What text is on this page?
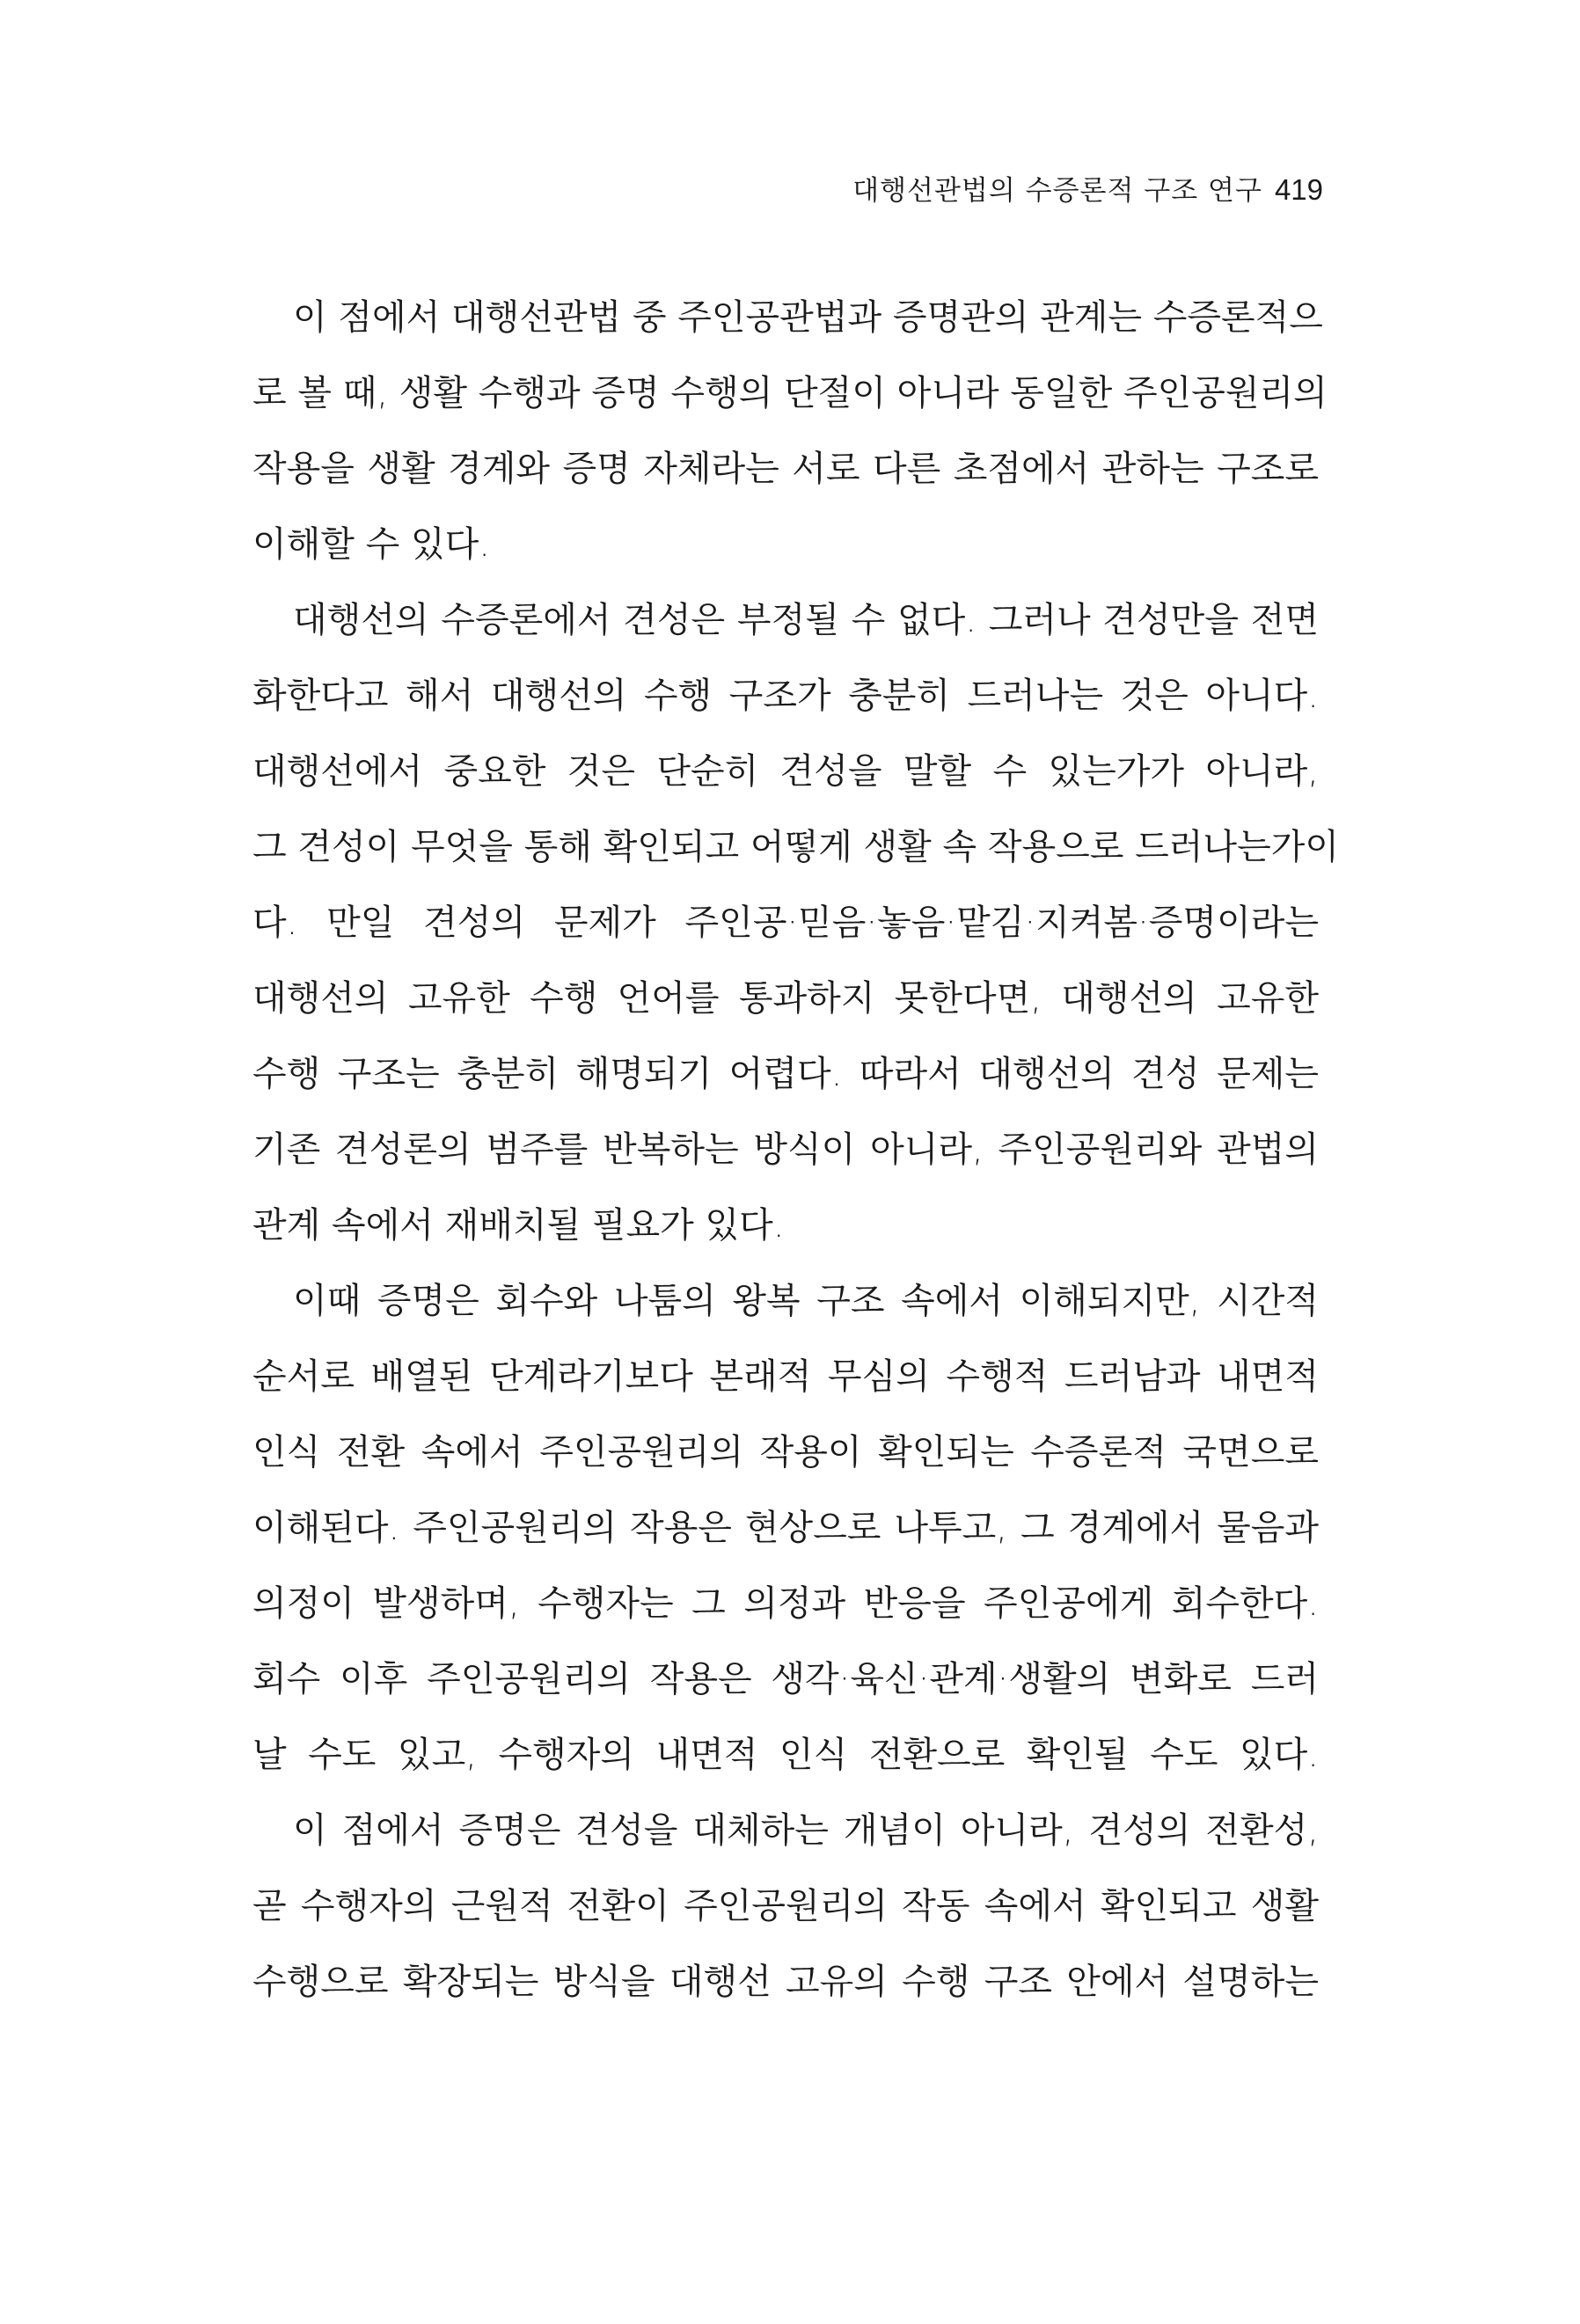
대행선관법의 수증론적 구조 연구 419
이 점에서 대행선관법 중 주인공관법과 증명관의 관계는 수증론적으
로 볼 때, 생활 수행과 증명 수행의 단절이 아니라 동일한 주인공원리의
작용을 생활 경계와 증명 자체라는 서로 다른 초점에서 관하는 구조로
이해할 수 있다.
대행선의 수증론에서 견성은 부정될 수 없다. 그러나 견성만을 전면
화한다고 해서 대행선의 수행 구조가 충분히 드러나는 것은 아니다.
대행선에서 중요한 것은 단순히 견성을 말할 수 있는가가 아니라,
그 견성이 무엇을 통해 확인되고 어떻게 생활 속 작용으로 드러나는가이
다. 만일 견성의 문제가 주인공·믿음·놓음·맡김·지켜봄·증명이라는
대행선의 고유한 수행 언어를 통과하지 못한다면, 대행선의 고유한
수행 구조는 충분히 해명되기 어렵다. 따라서 대행선의 견성 문제는
기존 견성론의 범주를 반복하는 방식이 아니라, 주인공원리와 관법의
관계 속에서 재배치될 필요가 있다.
이때 증명은 회수와 나툼의 왕복 구조 속에서 이해되지만, 시간적
순서로 배열된 단계라기보다 본래적 무심의 수행적 드러남과 내면적
인식 전환 속에서 주인공원리의 작용이 확인되는 수증론적 국면으로
이해된다. 주인공원리의 작용은 현상으로 나투고, 그 경계에서 물음과
의정이 발생하며, 수행자는 그 의정과 반응을 주인공에게 회수한다.
회수 이후 주인공원리의 작용은 생각·육신·관계·생활의 변화로 드러
날 수도 있고, 수행자의 내면적 인식 전환으로 확인될 수도 있다.
이 점에서 증명은 견성을 대체하는 개념이 아니라, 견성의 전환성,
곧 수행자의 근원적 전환이 주인공원리의 작동 속에서 확인되고 생활
수행으로 확장되는 방식을 대행선 고유의 수행 구조 안에서 설명하는
